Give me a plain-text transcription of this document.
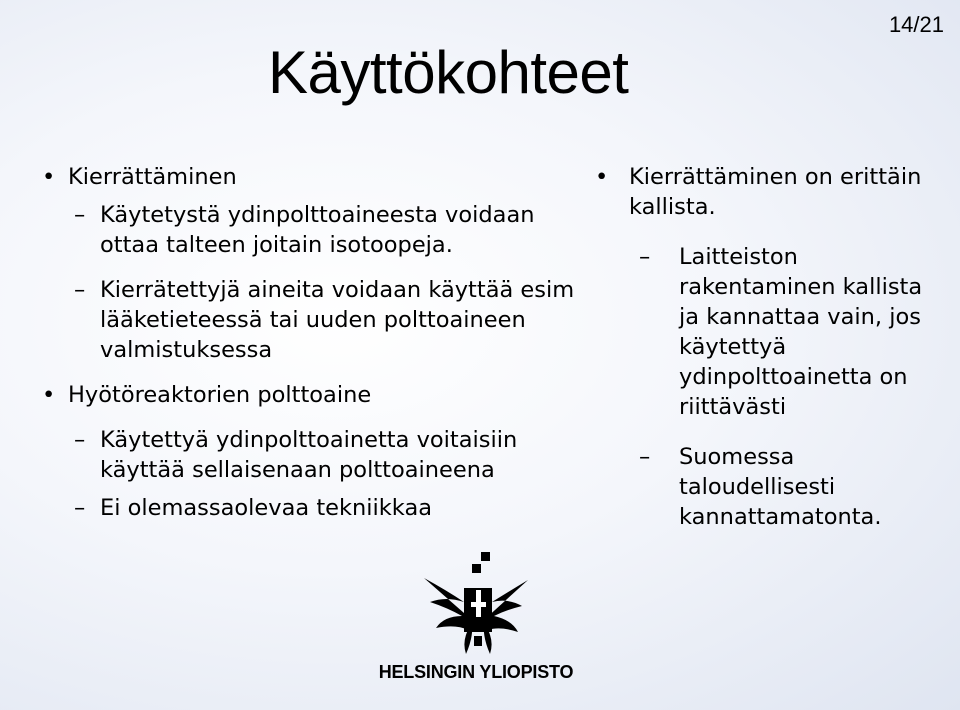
14/21
Käyttökohteet
• Kierrättäminen
– Käytetystä ydinpolttoaineesta voidaan ottaa talteen joitain isotoopeja.
– Kierrätettyjä aineita voidaan käyttää esim lääketieteessä tai uuden polttoaineen valmistuksessa
• Hyötöreaktorien polttoaine
– Käytettyä ydinpolttoainetta voitaisiin käyttää sellaisenaan polttoaineena
– Ei olemassaolevaa tekniikkaa
• Kierrättäminen on erittäin kallista.
– Laitteiston rakentaminen kallista ja kannattaa vain, jos käytettyä ydinpolttoainetta on riittävästi
– Suomessa taloudellisesti kannattamatonta.
HELSINGIN YLIOPISTO
